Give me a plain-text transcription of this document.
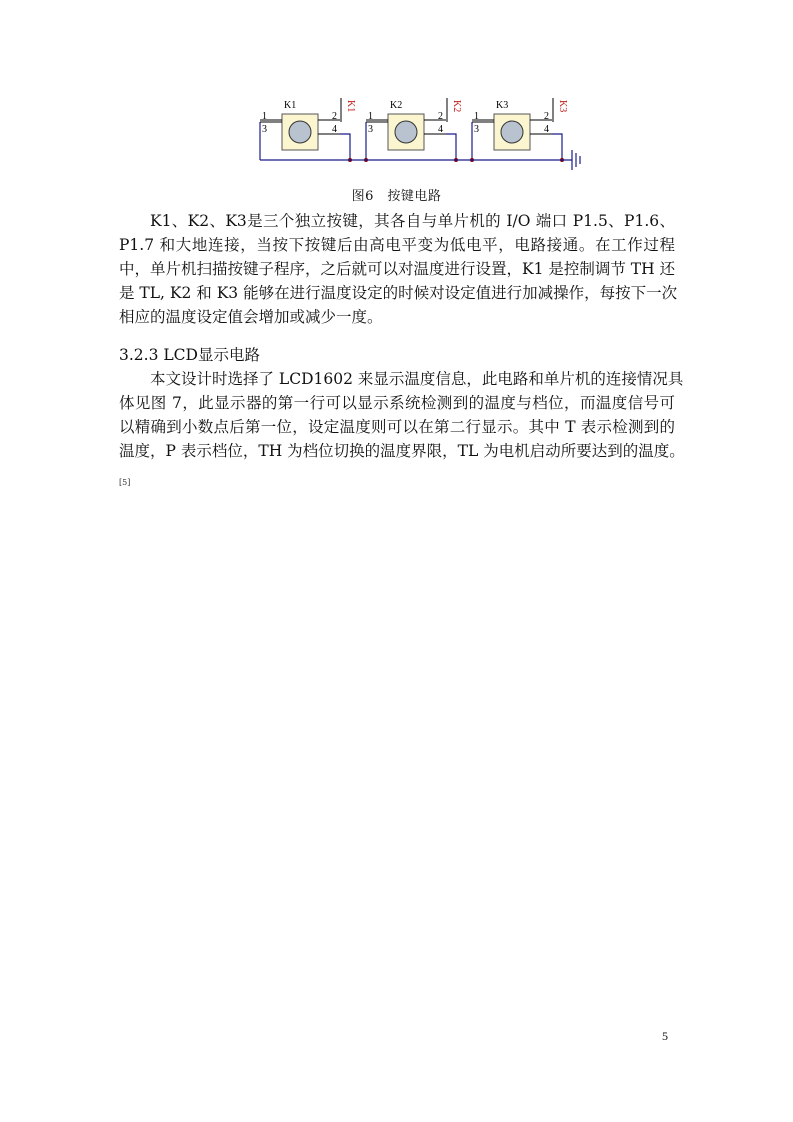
1
3
2
4
K1	K1
1
3
2
4
K2	K2
1
3
2
4
K3	K3
图6　按键电路
K1、K2、K3是三个独立按键，其各自与单片机的 I/O 端口 P1.5、P1.6、
P1.7 和大地连接，当按下按键后由高电平变为低电平，电路接通。在工作过程
中，单片机扫描按键子程序，之后就可以对温度进行设置，K1 是控制调节 TH 还
是 TL, K2 和 K3 能够在进行温度设定的时候对设定值进行加减操作，每按下一次
相应的温度设定值会增加或减少一度。
3.2.3 LCD显示电路
本文设计时选择了 LCD1602 来显示温度信息，此电路和单片机的连接情况具
体见图 7，此显示器的第一行可以显示系统检测到的温度与档位，而温度信号可
以精确到小数点后第一位，设定温度则可以在第二行显示。其中 T 表示检测到的
温度，P 表示档位，TH 为档位切换的温度界限，TL 为电机启动所要达到的温度。
[5]
5
